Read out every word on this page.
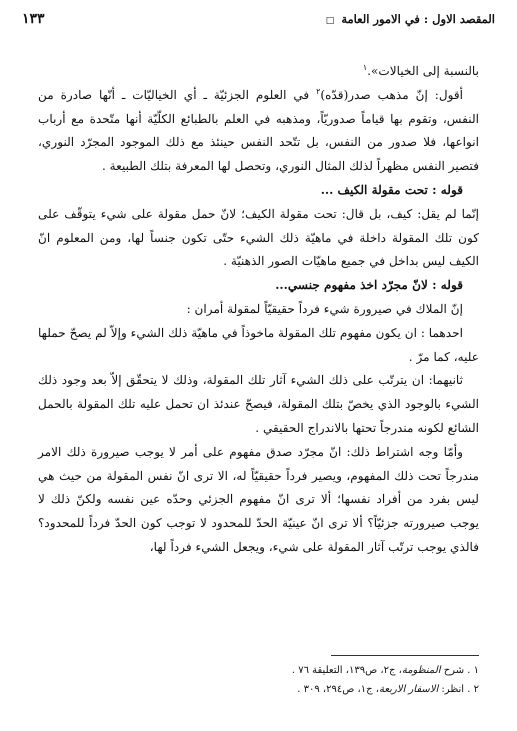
المقصد الاول : في الامور العامة □
١٣٣

بالنسبة إلى الخيالات».$^١$

أقول: إنّ مذهب صدر(قدّه)$^٢$ في العلوم الجزئيّة ـ أي الخياليّات ـ أنّها صادرة من النفس، وتقوم بها قياماً صدوريّاً، ومذهبه في العلم بالطبائع الكلّيّة أنها متّحدة مع أرباب انواعها، فلا صدور من النفس، بل تتّحد النفس حينئذ مع ذلك الموجود المجرّد النوري، فتصير النفس مظهراً لذلك المثال النوري، وتحصل لها المعرفة بتلك الطبيعة .

قوله : تحت مقولة الكيف ...

إنّما لم يقل: كيف، بل قال: تحت مقولة الكيف؛ لانّ حمل مقولة على شيء يتوقّف على كون تلك المقولة داخلة في ماهيّة ذلك الشيء حتّى تكون جنساً لها، ومن المعلوم انّ الكيف ليس بداخل في جميع ماهيّات الصور الذهنيّة .

قوله : لانّ مجرّد اخذ مفهوم جنسي...

إنّ الملاك في صيرورة شيء فرداً حقيقيّاً لمقولة أمران :

احدهما : ان يكون مفهوم تلك المقولة ماخوذاً في ماهيّة ذلك الشيء وإلاّ لم يصحّ حملها عليه، كما مرّ .

ثانيهما: ان يترتّب على ذلك الشيء آثار تلك المقولة، وذلك لا يتحقّق إلاّ بعد وجود ذلك الشيء بالوجود الذي يخصّ بتلك المقولة، فيصحّ عندئذ ان تحمل عليه تلك المقولة بالحمل الشائع لكونه مندرجاً تحتها بالاندراج الحقيقي .

وأمّا وجه اشتراط ذلك: انّ مجرّد صدق مفهوم على أمر لا يوجب صيرورة ذلك الامر مندرجاً تحت ذلك المفهوم، ويصير فرداً حقيقيّاً له، الا ترى انّ نفس المقولة من حيث هي ليس بفرد من أفراد نفسها؛ ألا ترى انّ مفهوم الجزئي وحدّه عين نفسه ولكنّ ذلك لا يوجب صيرورته جزئيّاً؟ ألا ترى انّ عينيّة الحدّ للمحدود لا توجب كون الحدّ فرداً للمحدود؟ فالذي يوجب ترتّب آثار المقولة على شيء، ويجعل الشيء فرداً لها،

١ . شرح المنظومة، ج٢، ص١٣٩، التعليقة ٧٦ .
٢ . انظر: الاسفار الاربعة، ج١، ص٢٩٤، ٣٠٩ .
